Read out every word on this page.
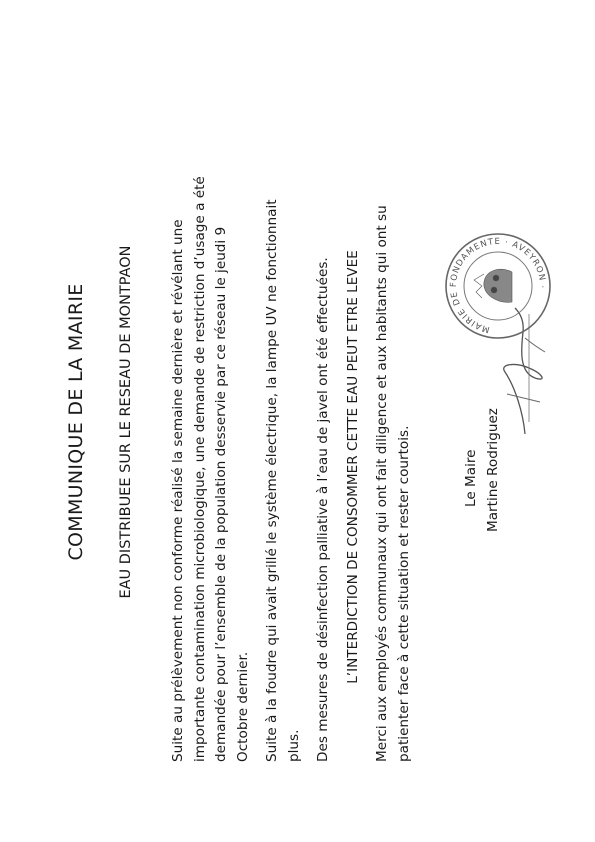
COMMUNIQUE DE LA MAIRIE EAU DISTRIBUEE SUR LE RESEAU DE MONTPAON	Suite au prélèvement non conforme réalisé la semaine dernière et révélant une importante contamination microbiologique, une demande de restriction d’usage a été demandée pour l’ensemble de la population desservie par ce réseau le jeudi 9 Octobre dernier. Suite à la foudre qui avait grillé le système électrique, la lampe UV ne fonctionnait plus. Des mesures de désinfection palliative à l’eau de javel ont été effectuées. L’INTERDICTION DE CONSOMMER CETTE EAU PEUT ETRE LEVEE Merci aux employés communaux qui ont fait diligence et aux habitants qui ont su patienter face à cette situation et rester courtois.	Le Maire Martine Rodriguez
MAIRIE DE FONDAMENTE · AVEYRON ·
